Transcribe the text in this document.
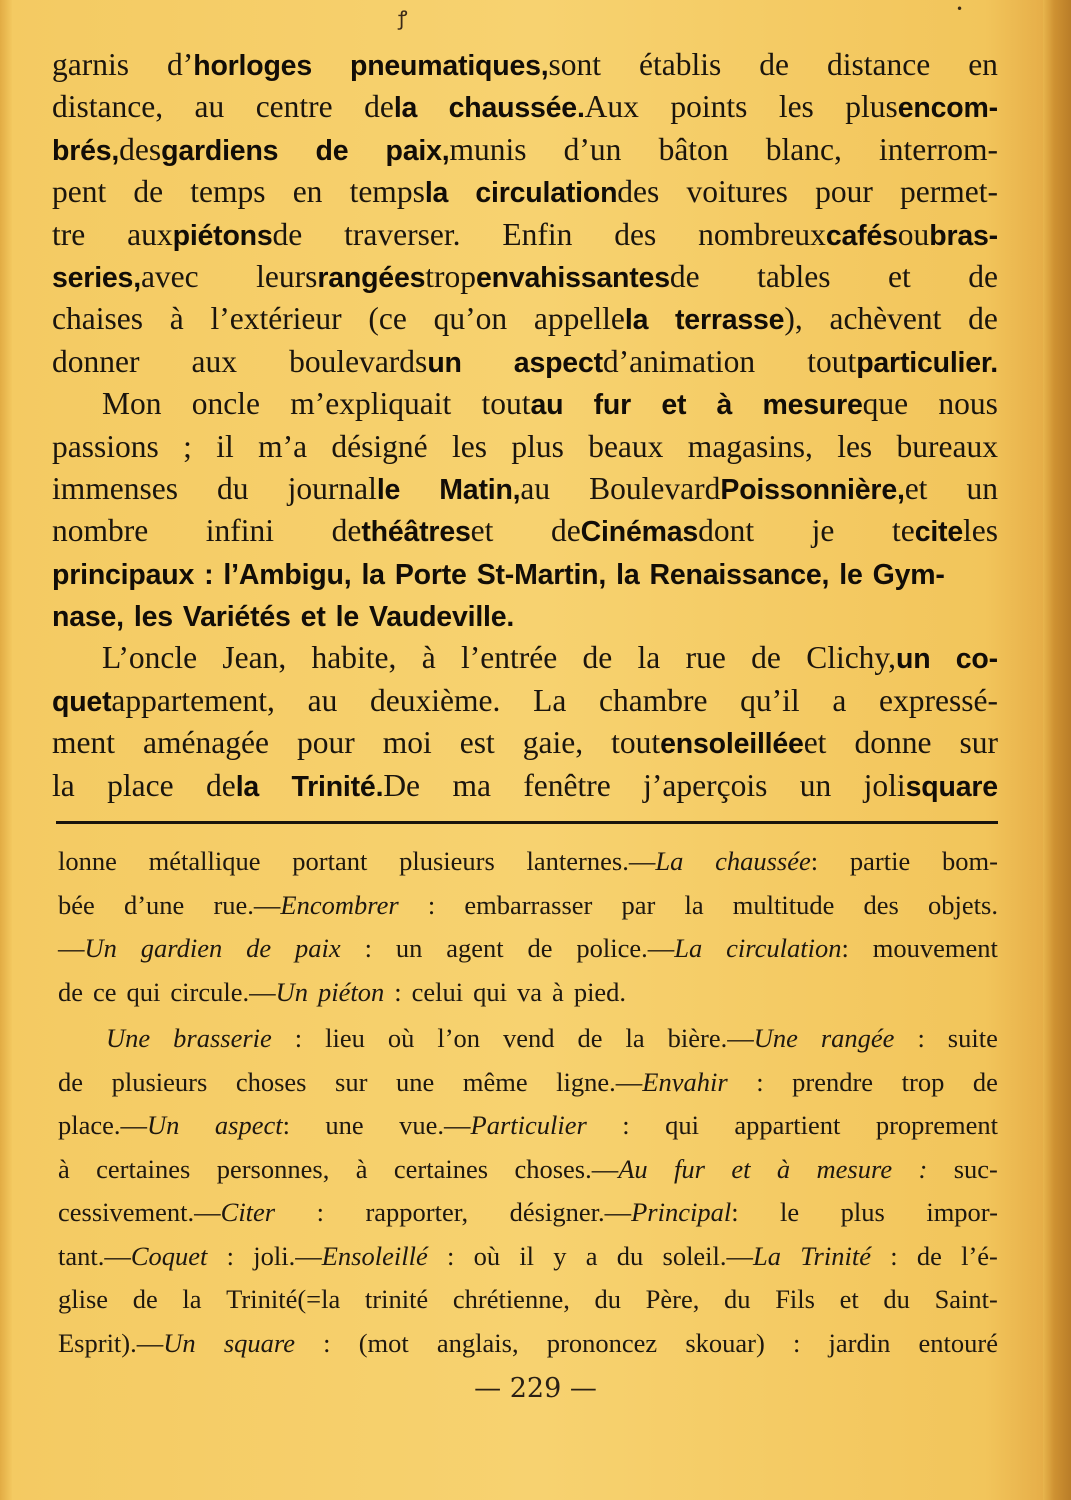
ꝭ	•
garnis d’horloges pneumatiques,sont établis de distance en
distance, au centre dela chaussée.Aux points les plusencom-
brés,desgardiens de paix,munis d’un bâton blanc, interrom-
pent de temps en tempsla circulationdes voitures pour permet-
tre auxpiétonsde traverser. Enfin des nombreuxcafésoubras-
series,avec leursrangéestropenvahissantesde tables et de
chaises à l’extérieur (ce qu’on appellela terrasse), achèvent de
donner aux boulevardsun aspectd’animation toutparticulier.
Mon oncle m’expliquait toutau fur et à mesureque nous
passions ; il m’a désigné les plus beaux magasins, les bureaux
immenses du journalle Matin,au BoulevardPoissonnière,et un
nombre infini dethéâtreset deCinémasdont je teciteles
principaux : l’Ambigu, la Porte St-Martin, la Renaissance, le Gym-
nase, les Variétés et le Vaudeville.
L’oncle Jean, habite, à l’entrée de la rue de Clichy,un co-
quetappartement, au deuxième. La chambre qu’il a expressé-
ment aménagée pour moi est gaie, toutensoleilléeet donne sur
la place dela Trinité.De ma fenêtre j’aperçois un jolisquare
lonne métallique portant plusieurs lanternes.—La chaussée: partie bom-
bée d’une rue.—Encombrer : embarrasser par la multitude des objets.
—Un gardien de paix : un agent de police.—La circulation: mouvement
de ce qui circule.—Un piéton : celui qui va à pied.
Une brasserie : lieu où l’on vend de la bière.—Une rangée : suite
de plusieurs choses sur une même ligne.—Envahir : prendre trop de
place.—Un aspect: une vue.—Particulier : qui appartient proprement
à certaines personnes, à certaines choses.—Au fur et à mesure : suc-
cessivement.—Citer : rapporter, désigner.—Principal: le plus impor-
tant.—Coquet : joli.—Ensoleillé : où il y a du soleil.—La Trinité : de l’é-
glise de la Trinité(=la trinité chrétienne, du Père, du Fils et du Saint-
Esprit).—Un square : (mot anglais, prononcez skouar) : jardin entouré
— 229 —
